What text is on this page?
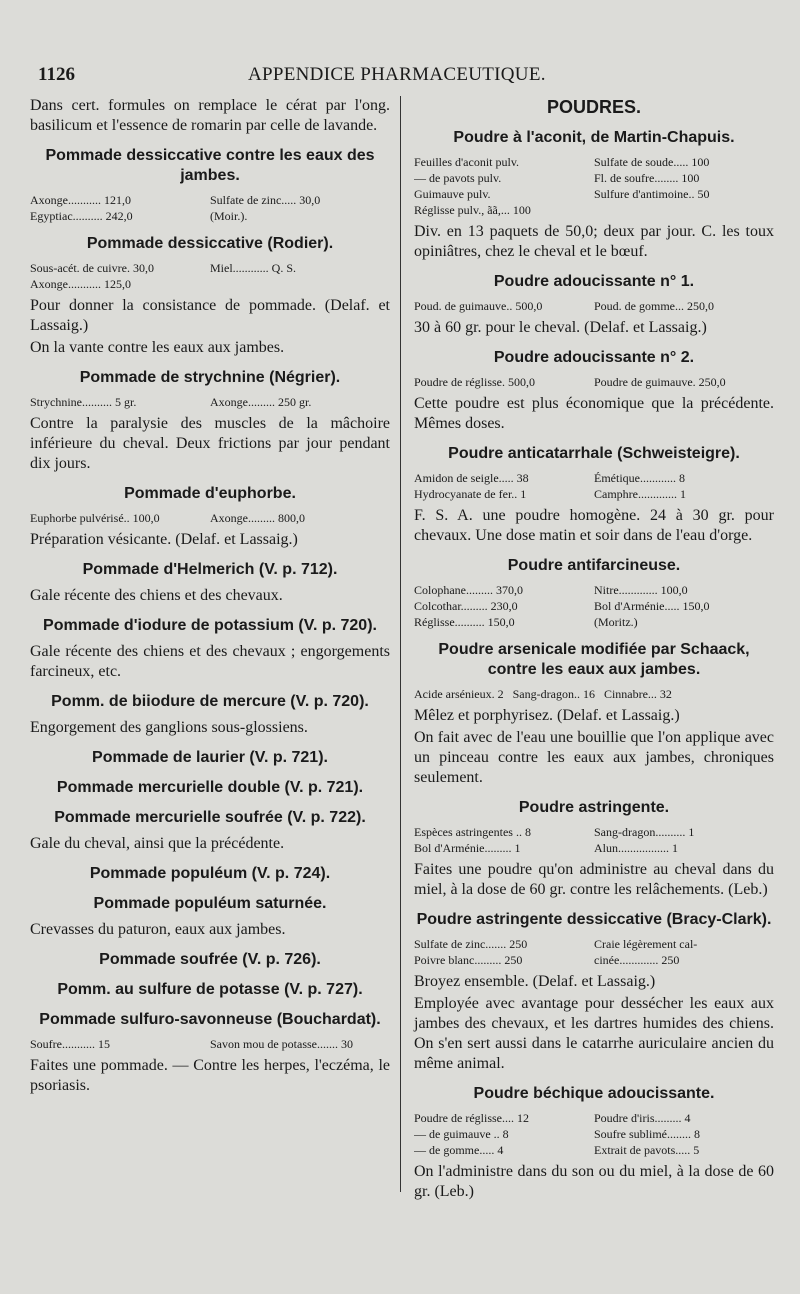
1126	APPENDICE PHARMACEUTIQUE.
Dans cert. formules on remplace le cérat par l'ong. basilicum et l'essence de romarin par celle de lavande.
Pommade dessiccative contre les eaux des jambes.
Axonge........... 121,0	Sulfate de zinc..... 30,0
Egyptiac.......... 242,0	(Moir.).
Pommade dessiccative (Rodier).
Sous-acét. de cuivre. 30,0	Miel............ Q. S.
Axonge........... 125,0
Pour donner la consistance de pommade. (Delaf. et Lassaig.)
On la vante contre les eaux aux jambes.
Pommade de strychnine (Négrier).
Strychnine.......... 5 gr.	Axonge......... 250 gr.
Contre la paralysie des muscles de la mâchoire inférieure du cheval. Deux frictions par jour pendant dix jours.
Pommade d'euphorbe.
Euphorbe pulvérisé.. 100,0	Axonge......... 800,0
Préparation vésicante. (Delaf. et Lassaig.)
Pommade d'Helmerich (V. p. 712).
Gale récente des chiens et des chevaux.
Pommade d'iodure de potassium (V. p. 720).
Gale récente des chiens et des chevaux ; engorgements farcineux, etc.
Pomm. de biiodure de mercure (V. p. 720).
Engorgement des ganglions sous-glossiens.
Pommade de laurier (V. p. 721).
Pommade mercurielle double (V. p. 721).
Pommade mercurielle soufrée (V. p. 722).
Gale du cheval, ainsi que la précédente.
Pommade populéum (V. p. 724).
Pommade populéum saturnée.
Crevasses du paturon, eaux aux jambes.
Pommade soufrée (V. p. 726).
Pomm. au sulfure de potasse (V. p. 727).
Pommade sulfuro-savonneuse (Bouchardat).
Soufre........... 15	Savon mou de potasse....... 30
Faites une pommade. — Contre les herpes, l'eczéma, le psoriasis.
POUDRES.
Poudre à l'aconit, de Martin-Chapuis.
Feuilles d'aconit pulv.	Sulfate de soude..... 100
— de pavots pulv.	Fl. de soufre........ 100
Guimauve pulv.	Sulfure d'antimoine.. 50
Réglisse pulv., ãã,... 100
Div. en 13 paquets de 50,0; deux par jour. C. les toux opiniâtres, chez le cheval et le bœuf.
Poudre adoucissante n° 1.
Poud. de guimauve.. 500,0	Poud. de gomme... 250,0
30 à 60 gr. pour le cheval. (Delaf. et Lassaig.)
Poudre adoucissante n° 2.
Poudre de réglisse. 500,0	Poudre de guimauve. 250,0
Cette poudre est plus économique que la précédente. Mêmes doses.
Poudre anticatarrhale (Schweisteigre).
Amidon de seigle..... 38	Émétique............ 8
Hydrocyanate de fer.. 1	Camphre............. 1
F. S. A. une poudre homogène. 24 à 30 gr. pour chevaux. Une dose matin et soir dans de l'eau d'orge.
Poudre antifarcineuse.
Colophane......... 370,0	Nitre............. 100,0
Colcothar......... 230,0	Bol d'Arménie..... 150,0
Réglisse.......... 150,0	(Moritz.)
Poudre arsenicale modifiée par Schaack, contre les eaux aux jambes.
Acide arsénieux. 2   Sang-dragon.. 16   Cinnabre... 32
Mêlez et porphyrisez. (Delaf. et Lassaig.)
On fait avec de l'eau une bouillie que l'on applique avec un pinceau contre les eaux aux jambes, chroniques seulement.
Poudre astringente.
Espèces astringentes .. 8	Sang-dragon.......... 1
Bol d'Arménie......... 1	Alun................. 1
Faites une poudre qu'on administre au cheval dans du miel, à la dose de 60 gr. contre les relâchements. (Leb.)
Poudre astringente dessiccative (Bracy-Clark).
Sulfate de zinc....... 250	Craie légèrement cal-
Poivre blanc......... 250	cinée............. 250
Broyez ensemble. (Delaf. et Lassaig.)
Employée avec avantage pour dessécher les eaux aux jambes des chevaux, et les dartres humides des chiens. On s'en sert aussi dans le catarrhe auriculaire ancien du même animal.
Poudre béchique adoucissante.
Poudre de réglisse.... 12	Poudre d'iris......... 4
— de guimauve .. 8	Soufre sublimé........ 8
— de gomme..... 4	Extrait de pavots..... 5
On l'administre dans du son ou du miel, à la dose de 60 gr. (Leb.)
